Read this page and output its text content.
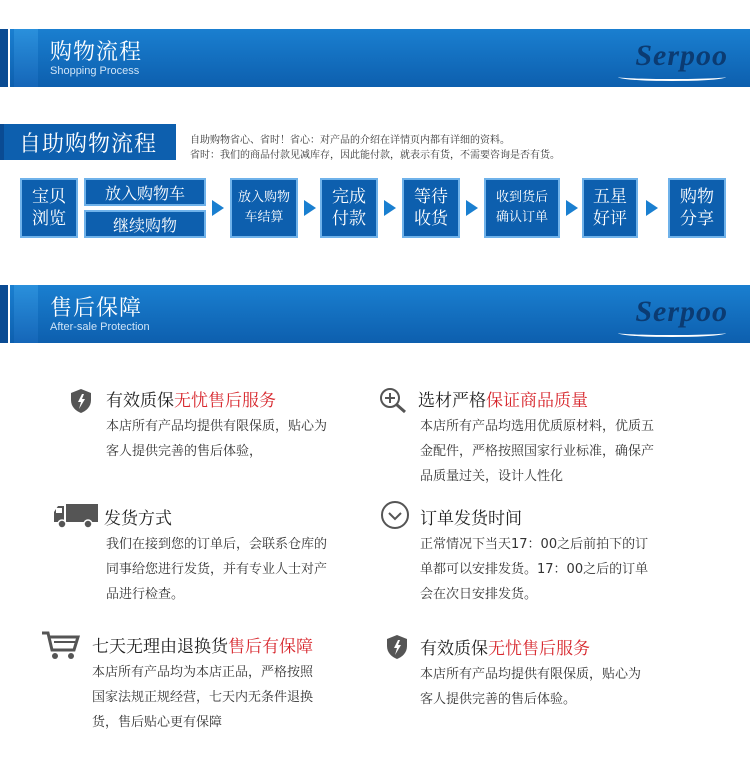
购物流程
Shopping Process	Serpoo
自助购物流程	自助购物省心、省时！省心：对产品的介绍在详情页内都有详细的资料。
省时：我们的商品付款见减库存，因此能付款，就表示有货，不需要咨询是否有货。
宝贝
浏览
放入购物车
继续购物
放入购物
车结算
完成
付款
等待
收货
收到货后
确认订单
五星
好评
购物
分享
售后保障
After-sale Protection	Serpoo
有效质保无忧售后服务
本店所有产品均提供有限保质，贴心为
客人提供完善的售后体验，
选材严格保证商品质量
本店所有产品均选用优质原材料，优质五
金配件，严格按照国家行业标准，确保产
品质量过关，设计人性化
发货方式
我们在接到您的订单后，会联系仓库的
同事给您进行发货，并有专业人士对产
品进行检查。
订单发货时间
正常情况下当天17：00之后前拍下的订
单都可以安排发货。17：00之后的订单
会在次日安排发货。
七天无理由退换货售后有保障
本店所有产品均为本店正品，严格按照
国家法规正规经营，七天内无条件退换
货，售后贴心更有保障
有效质保无忧售后服务
本店所有产品均提供有限保质，贴心为
客人提供完善的售后体验。
